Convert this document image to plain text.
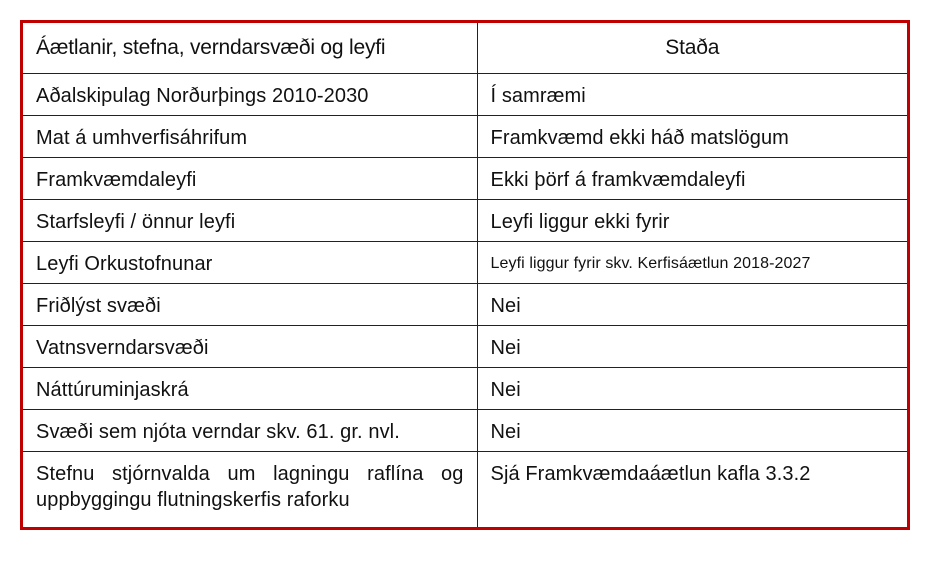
Áætlanir, stefna, verndarsvæði og leyfi	Staða
Aðalskipulag Norðurþings 2010-2030	Í samræmi
Mat á umhverfisáhrifum	Framkvæmd ekki háð matslögum
Framkvæmdaleyfi	Ekki þörf á framkvæmdaleyfi
Starfsleyfi / önnur leyfi	Leyfi liggur ekki fyrir
Leyfi Orkustofnunar	Leyfi liggur fyrir skv. Kerfisáætlun 2018-2027
Friðlýst svæði	Nei
Vatnsverndarsvæði	Nei
Náttúruminjaskrá	Nei
Svæði sem njóta verndar skv. 61. gr. nvl.	Nei
Stefnu stjórnvalda um lagningu raflína og uppbyggingu flutningskerfis raforku	Sjá Framkvæmdaáætlun kafla 3.3.2
